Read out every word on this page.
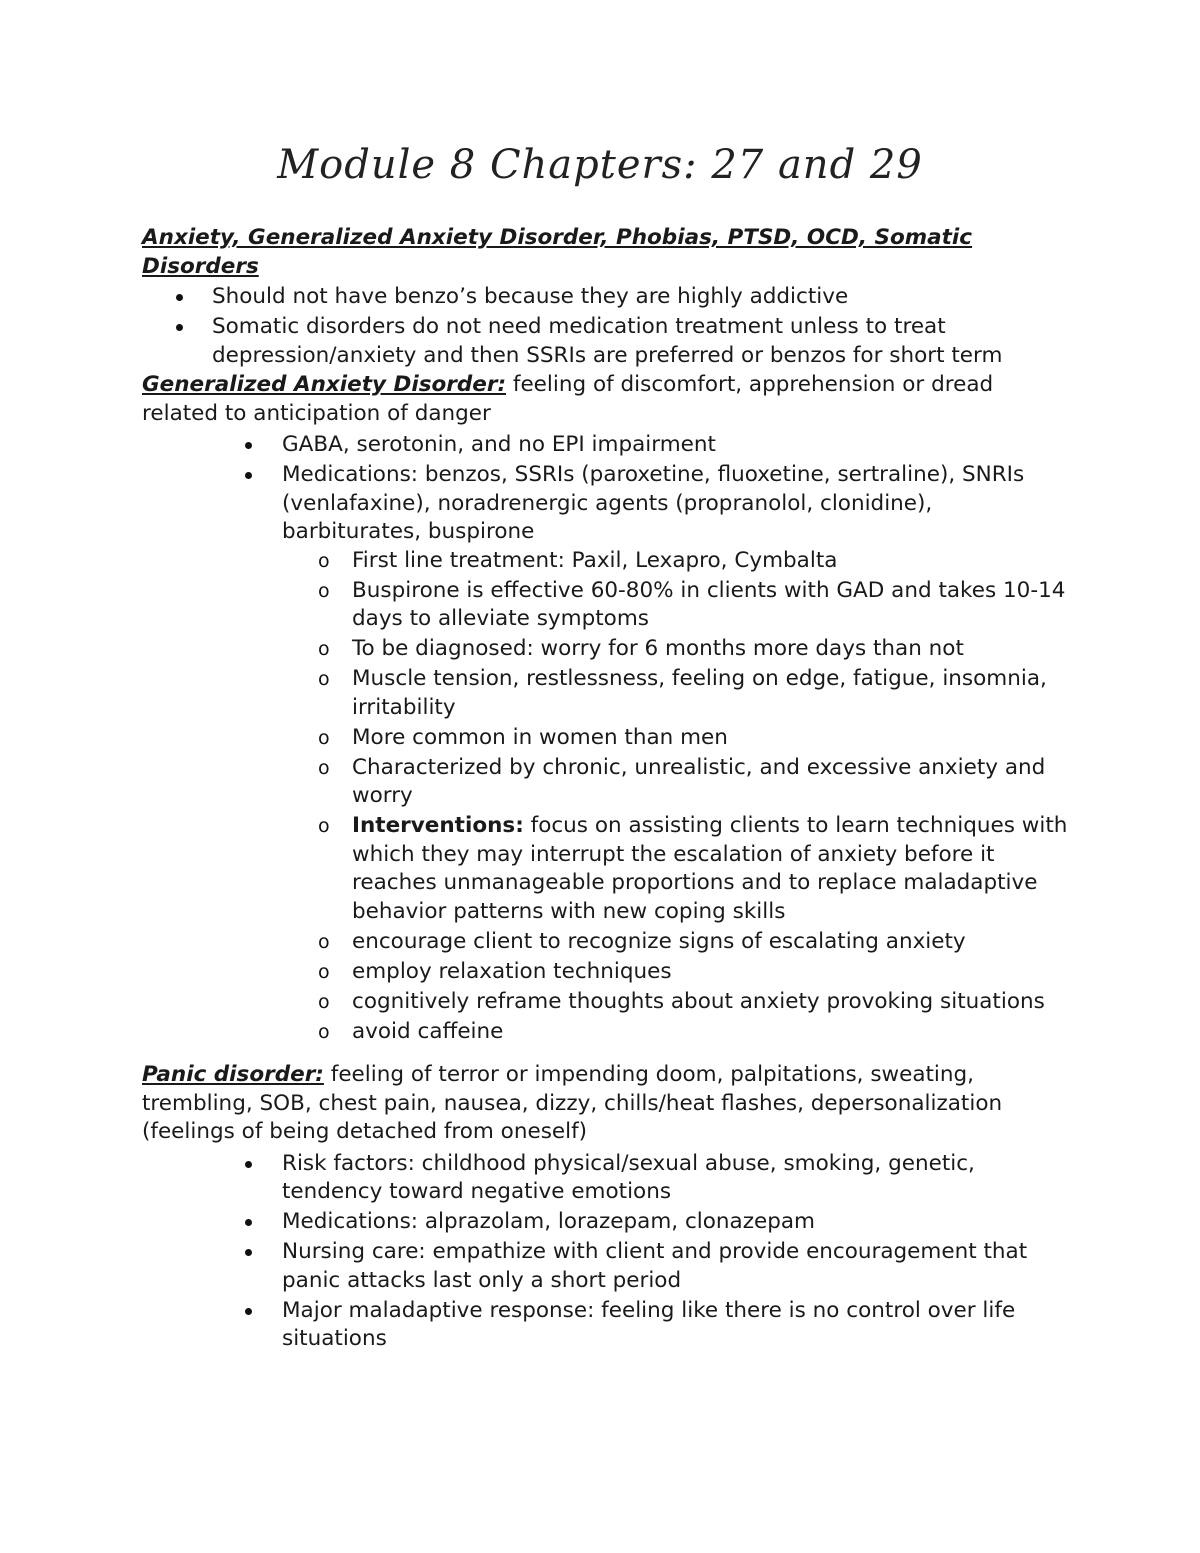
Module 8 Chapters: 27 and 29

Anxiety, Generalized Anxiety Disorder, Phobias, PTSD, OCD, Somatic Disorders

Should not have benzo’s because they are highly addictive
Somatic disorders do not need medication treatment unless to treat depression/anxiety and then SSRIs are preferred or benzos for short term

Generalized Anxiety Disorder: feeling of discomfort, apprehension or dread related to anticipation of danger

GABA, serotonin, and no EPI impairment
Medications: benzos, SSRIs (paroxetine, fluoxetine, sertraline), SNRIs (venlafaxine), noradrenergic agents (propranolol, clonidine), barbiturates, buspirone
o First line treatment: Paxil, Lexapro, Cymbalta
o Buspirone is effective 60-80% in clients with GAD and takes 10-14 days to alleviate symptoms
o To be diagnosed: worry for 6 months more days than not
o Muscle tension, restlessness, feeling on edge, fatigue, insomnia, irritability
o More common in women than men
o Characterized by chronic, unrealistic, and excessive anxiety and worry
o Interventions: focus on assisting clients to learn techniques with which they may interrupt the escalation of anxiety before it reaches unmanageable proportions and to replace maladaptive behavior patterns with new coping skills
o encourage client to recognize signs of escalating anxiety
o employ relaxation techniques
o cognitively reframe thoughts about anxiety provoking situations
o avoid caffeine

Panic disorder: feeling of terror or impending doom, palpitations, sweating, trembling, SOB, chest pain, nausea, dizzy, chills/heat flashes, depersonalization (feelings of being detached from oneself)

Risk factors: childhood physical/sexual abuse, smoking, genetic, tendency toward negative emotions
Medications: alprazolam, lorazepam, clonazepam
Nursing care: empathize with client and provide encouragement that panic attacks last only a short period
Major maladaptive response: feeling like there is no control over life situations
